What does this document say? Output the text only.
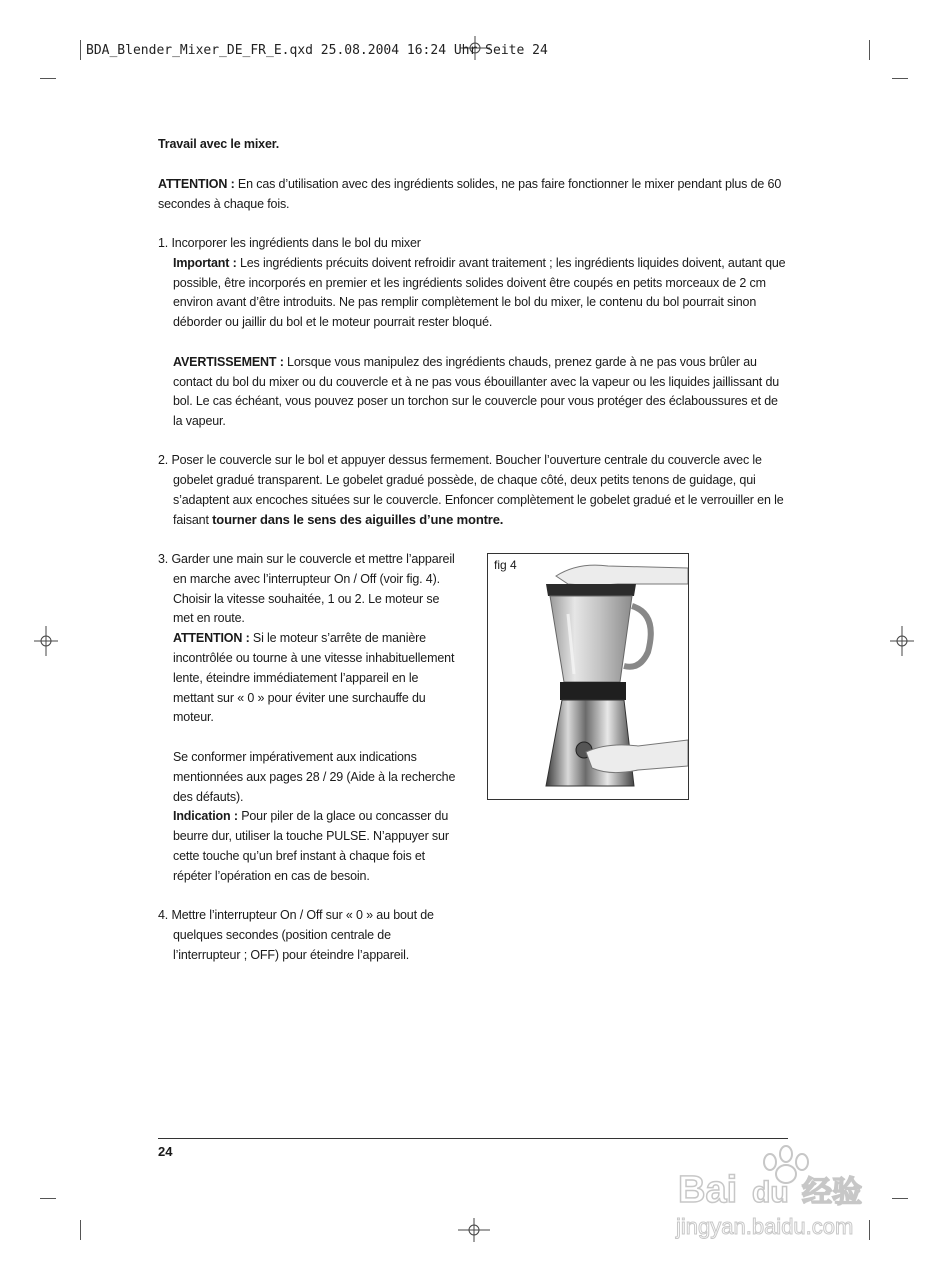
BDA_Blender_Mixer_DE_FR_E.qxd 25.08.2004 16:24 Uhr Seite 24
Travail avec le mixer.
ATTENTION : En cas d’utilisation avec des ingrédients solides, ne pas faire fonctionner le mixer pendant plus de 60 secondes à chaque fois.
1. Incorporer les ingrédients dans le bol du mixer
Important : Les ingrédients précuits doivent refroidir avant traitement ; les ingrédients liquides doivent, autant que possible, être incorporés en premier et les ingrédients solides doivent être coupés en petits morceaux de 2 cm environ avant d’être introduits. Ne pas remplir complètement le bol du mixer, le contenu du bol pourrait sinon déborder ou jaillir du bol et le moteur pourrait rester bloqué.
AVERTISSEMENT : Lorsque vous manipulez des ingrédients chauds, prenez garde à ne pas vous brûler au contact du bol du mixer ou du couvercle et à ne pas vous ébouillanter avec la vapeur ou les liquides jaillissant du bol. Le cas échéant, vous pouvez poser un torchon sur le couvercle pour vous protéger des éclaboussures et de la vapeur.
2. Poser le couvercle sur le bol et appuyer dessus fermement. Boucher l’ouverture centrale du couvercle avec le gobelet gradué transparent. Le gobelet gradué possède, de chaque côté, deux petits tenons de guidage, qui s’adaptent aux encoches situées sur le couvercle. Enfoncer complètement le gobelet gradué et le verrouiller en le faisant tourner dans le sens des aiguilles d’une montre.
3. Garder une main sur le couvercle et mettre l’appareil en marche avec l’interrupteur On / Off (voir fig. 4). Choisir la vitesse souhaitée, 1 ou 2. Le moteur se met en route.
ATTENTION : Si le moteur s’arrête de manière incontrôlée ou tourne à une vitesse inhabituellement lente, éteindre immédiatement l’appareil en le mettant sur « 0 » pour éviter une surchauffe du moteur.
Se conformer impérativement aux indications mentionnées aux pages 28 / 29 (Aide à la recherche des défauts).
Indication : Pour piler de la glace ou concasser du beurre dur, utiliser la touche PULSE. N’appuyer sur cette touche qu’un bref instant à chaque fois et répéter l’opération en cas de besoin.
4. Mettre l’interrupteur On / Off sur « 0 » au bout de quelques secondes (position centrale de l’interrupteur ; OFF) pour éteindre l’appareil.
fig 4
24
Bai du 经验
jingyan.baidu.com
